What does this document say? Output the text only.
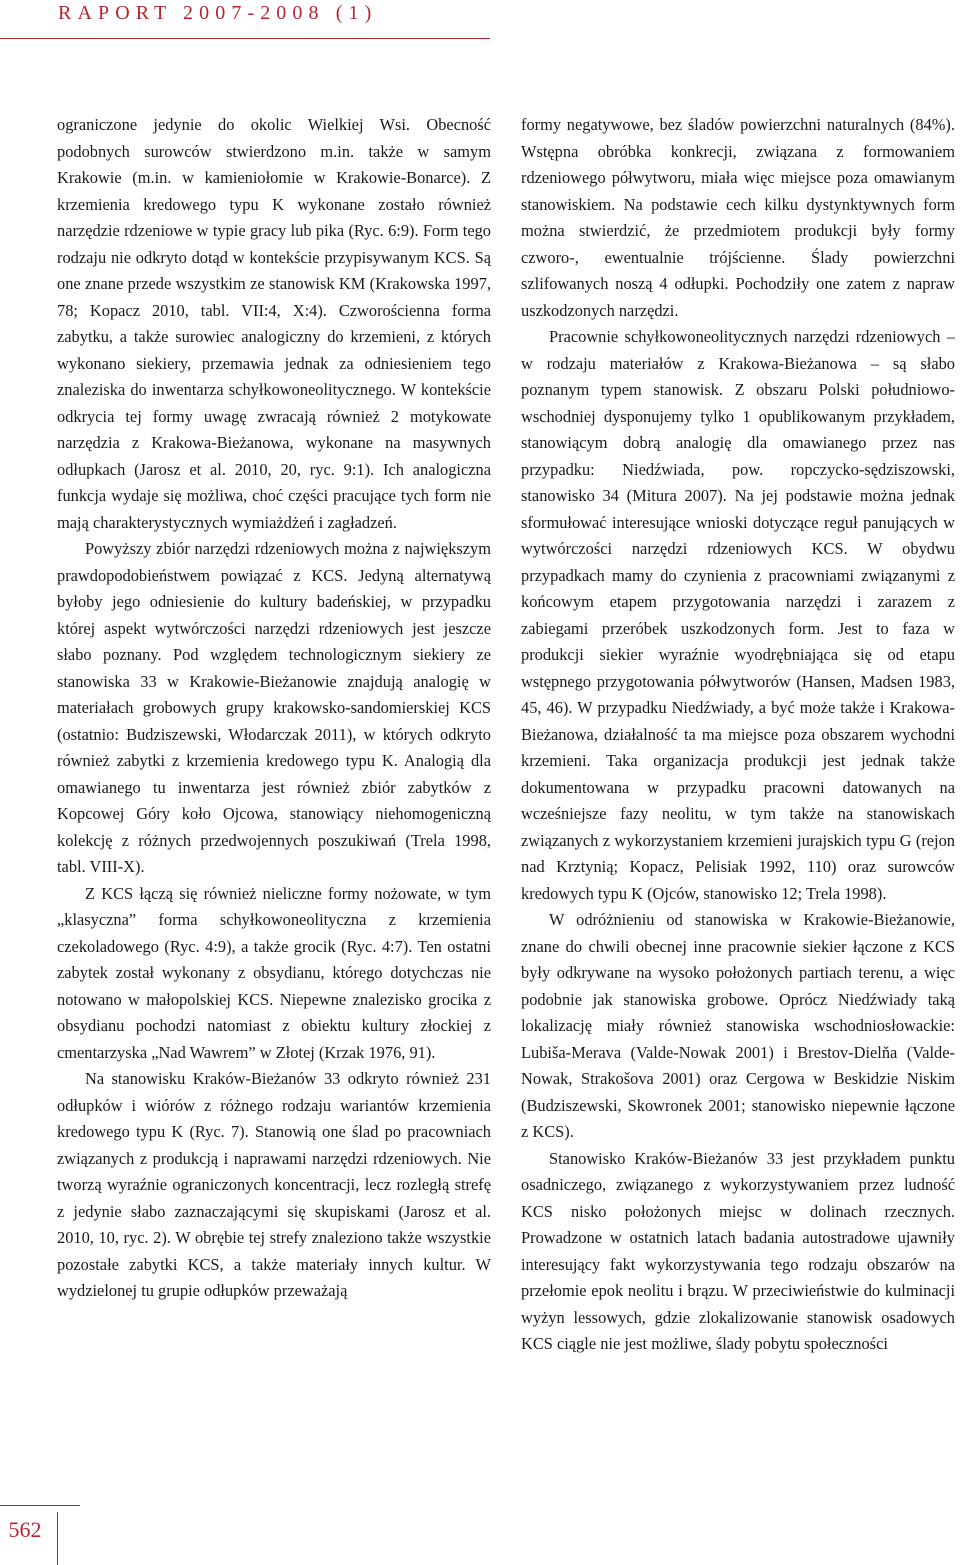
RAPORT 2007-2008 (1)

ograniczone jedynie do okolic Wielkiej Wsi. Obecność podobnych surowców stwierdzono m.in. także w samym Krakowie (m.in. w kamieniołomie w Krakowie-Bonarce). Z krzemienia kredowego typu K wykonane zostało również narzędzie rdzeniowe w typie gracy lub pika (Ryc. 6:9). Form tego rodzaju nie odkryto dotąd w kontekście przypisywanym KCS. Są one znane przede wszystkim ze stanowisk KM (Krakowska 1997, 78; Kopacz 2010, tabl. VII:4, X:4). Czworościenna forma zabytku, a także surowiec analogiczny do krzemieni, z których wykonano siekiery, przemawia jednak za odniesieniem tego znaleziska do inwentarza schyłkowoneolitycznego. W kontekście odkrycia tej formy uwagę zwracają również 2 motykowate narzędzia z Krakowa-Bieżanowa, wykonane na masywnych odłupkach (Jarosz et al. 2010, 20, ryc. 9:1). Ich analogiczna funkcja wydaje się możliwa, choć części pracujące tych form nie mają charakterystycznych wymiażdżeń i zagładzeń.

Powyższy zbiór narzędzi rdzeniowych można z największym prawdopodobieństwem powiązać z KCS. Jedyną alternatywą byłoby jego odniesienie do kultury badeńskiej, w przypadku której aspekt wytwórczości narzędzi rdzeniowych jest jeszcze słabo poznany. Pod względem technologicznym siekiery ze stanowiska 33 w Krakowie-Bieżanowie znajdują analogię w materiałach grobowych grupy krakowsko-sandomierskiej KCS (ostatnio: Budziszewski, Włodarczak 2011), w których odkryto również zabytki z krzemienia kredowego typu K. Analogią dla omawianego tu inwentarza jest również zbiór zabytków z Kopcowej Góry koło Ojcowa, stanowiący niehomogeniczną kolekcję z różnych przedwojennych poszukiwań (Trela 1998, tabl. VIII-X).

Z KCS łączą się również nieliczne formy nożowate, w tym „klasyczna” forma schyłkowoneolityczna z krzemienia czekoladowego (Ryc. 4:9), a także grocik (Ryc. 4:7). Ten ostatni zabytek został wykonany z obsydianu, którego dotychczas nie notowano w małopolskiej KCS. Niepewne znalezisko grocika z obsydianu pochodzi natomiast z obiektu kultury złockiej z cmentarzyska „Nad Wawrem” w Złotej (Krzak 1976, 91).

Na stanowisku Kraków-Bieżanów 33 odkryto również 231 odłupków i wiórów z różnego rodzaju wariantów krzemienia kredowego typu K (Ryc. 7). Stanowią one ślad po pracowniach związanych z produkcją i naprawami narzędzi rdzeniowych. Nie tworzą wyraźnie ograniczonych koncentracji, lecz rozległą strefę z jedynie słabo zaznaczającymi się skupiskami (Jarosz et al. 2010, 10, ryc. 2). W obrębie tej strefy znaleziono także wszystkie pozostałe zabytki KCS, a także materiały innych kultur. W wydzielonej tu grupie odłupków przeważają

formy negatywowe, bez śladów powierzchni naturalnych (84%). Wstępna obróbka konkrecji, związana z formowaniem rdzeniowego półwytworu, miała więc miejsce poza omawianym stanowiskiem. Na podstawie cech kilku dystynktywnych form można stwierdzić, że przedmiotem produkcji były formy czworo-, ewentualnie trójścienne. Ślady powierzchni szlifowanych noszą 4 odłupki. Pochodziły one zatem z napraw uszkodzonych narzędzi.

Pracownie schyłkowoneolitycznych narzędzi rdzeniowych – w rodzaju materiałów z Krakowa-Bieżanowa – są słabo poznanym typem stanowisk. Z obszaru Polski południowo-wschodniej dysponujemy tylko 1 opublikowanym przykładem, stanowiącym dobrą analogię dla omawianego przez nas przypadku: Niedźwiada, pow. ropczycko-sędziszowski, stanowisko 34 (Mitura 2007). Na jej podstawie można jednak sformułować interesujące wnioski dotyczące reguł panujących w wytwórczości narzędzi rdzeniowych KCS. W obydwu przypadkach mamy do czynienia z pracowniami związanymi z końcowym etapem przygotowania narzędzi i zarazem z zabiegami przeróbek uszkodzonych form. Jest to faza w produkcji siekier wyraźnie wyodrębniająca się od etapu wstępnego przygotowania półwytworów (Hansen, Madsen 1983, 45, 46). W przypadku Niedźwiady, a być może także i Krakowa-Bieżanowa, działalność ta ma miejsce poza obszarem wychodni krzemieni. Taka organizacja produkcji jest jednak także dokumentowana w przypadku pracowni datowanych na wcześniejsze fazy neolitu, w tym także na stanowiskach związanych z wykorzystaniem krzemieni jurajskich typu G (rejon nad Krztynią; Kopacz, Pelisiak 1992, 110) oraz surowców kredowych typu K (Ojców, stanowisko 12; Trela 1998).

W odróżnieniu od stanowiska w Krakowie-Bieżanowie, znane do chwili obecnej inne pracownie siekier łączone z KCS były odkrywane na wysoko położonych partiach terenu, a więc podobnie jak stanowiska grobowe. Oprócz Niedźwiady taką lokalizację miały również stanowiska wschodniosłowackie: Lubiša-Merava (Valde-Nowak 2001) i Brestov-Dielňa (Valde-Nowak, Strakošova 2001) oraz Cergowa w Beskidzie Niskim (Budziszewski, Skowronek 2001; stanowisko niepewnie łączone z KCS).

Stanowisko Kraków-Bieżanów 33 jest przykładem punktu osadniczego, związanego z wykorzystywaniem przez ludność KCS nisko położonych miejsc w dolinach rzecznych. Prowadzone w ostatnich latach badania autostradowe ujawniły interesujący fakt wykorzystywania tego rodzaju obszarów na przełomie epok neolitu i brązu. W przeciwieństwie do kulminacji wyżyn lessowych, gdzie zlokalizowanie stanowisk osadowych KCS ciągle nie jest możliwe, ślady pobytu społeczności

562
